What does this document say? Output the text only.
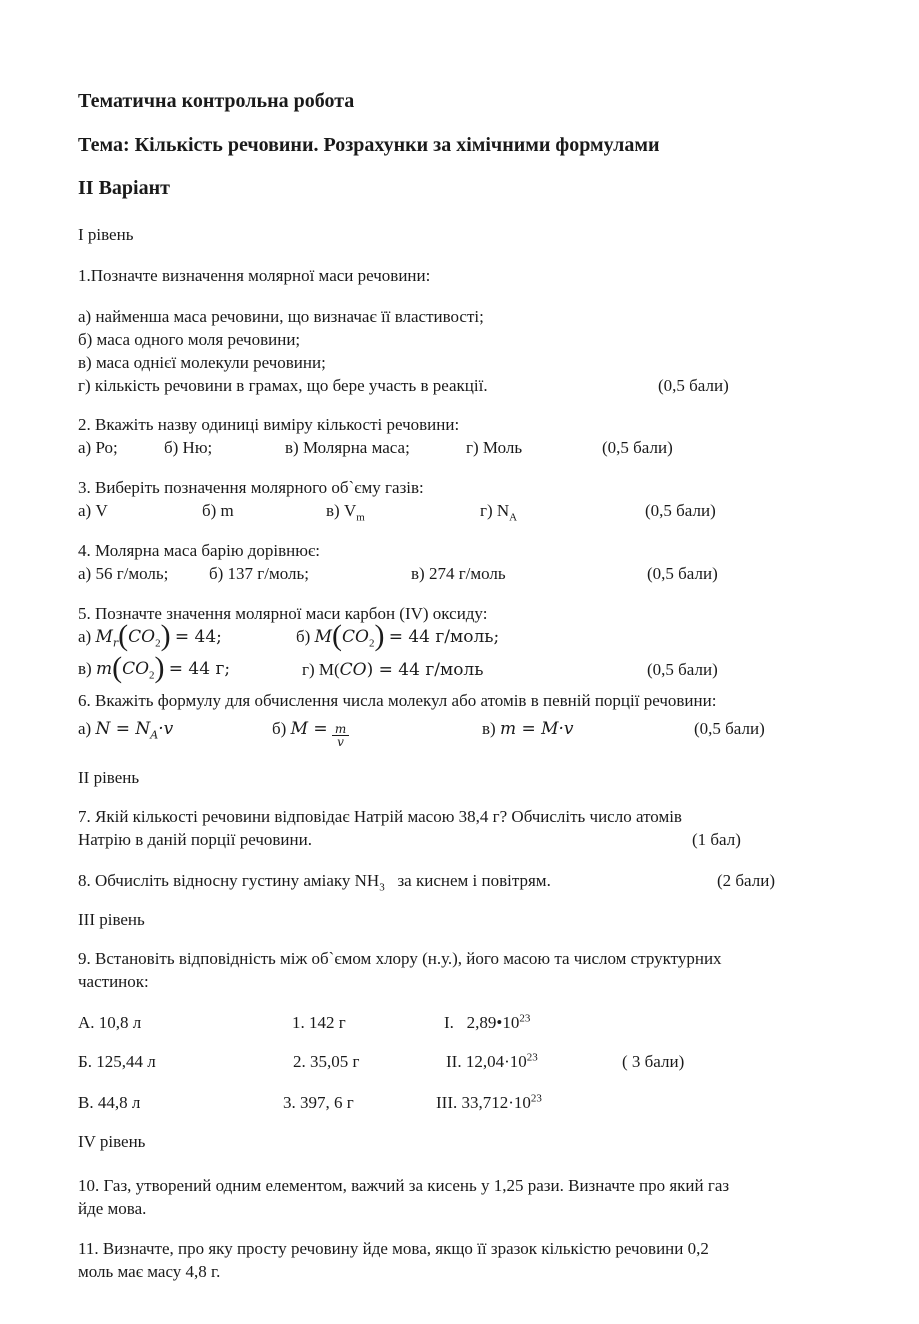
Тематична контрольна робота
Тема: Кількість речовини. Розрахунки за хімічними формулами
II Варіант
I рівень
1.Позначте визначення молярної маси речовини:
а) найменша маса речовини, що визначає її властивості;
б) маса одного моля речовини;
в) маса однієї молекули речовини;
г) кількість речовини в грамах, що бере участь в реакції.	(0,5 бали)
2. Вкажіть назву одиниці виміру кількості речовини:
а) Ро;	б) Ню;	в) Молярна маса;	г) Моль	(0,5 бали)
3. Виберіть позначення молярного об`єму газів:
а) V	б) m	в) $V_m$	г) $N_A$	(0,5 бали)
4. Молярна маса барію дорівнює:
а) 56 г/моль; б) 137 г/моль;	в) 274 г/моль	(0,5 бали)
5. Позначте значення молярної маси карбон (IV) оксиду:
а) $M_r(CO_2) = 44$;	б) $M(CO_2) = 44$ г/моль;
в) $m(CO_2) = 44$ г;	г) M(CO) = 44 г/моль	(0,5 бали)
6. Вкажіть формулу для обчислення числа молекул або атомів в певній порції речовини:
а) $N = N_A\cdot v$	б) $M = \frac{m}{v}$	в) m = M·v	(0,5 бали)
II рівень
7. Якій кількості речовини відповідає Натрій масою 38,4 г? Обчисліть число атомів
Натрію в даній порції речовини.	(1 бал)
8. Обчисліть відносну густину аміаку $NH_3$   за киснем і повітрям.	(2 бали)
III рівень
9. Встановіть відповідність між об`ємом хлору (н.у.), його масою та числом структурних
частинок:
А. 10,8 л	1. 142 г	I.   $2,89•10^{23}$
Б. 125,44 л	2. 35,05 г	II. $12,04\cdot 10^{23}$	( 3 бали)
В. 44,8 л	3. 397, 6 г	III. $33,712\cdot 10^{23}$
IV рівень
10. Газ, утворений одним елементом, важчий за кисень у 1,25 рази. Визначте про який газ
йде мова.
11. Визначте, про яку просту речовину йде мова, якщо її зразок кількістю речовини 0,2
моль має масу 4,8 г.
